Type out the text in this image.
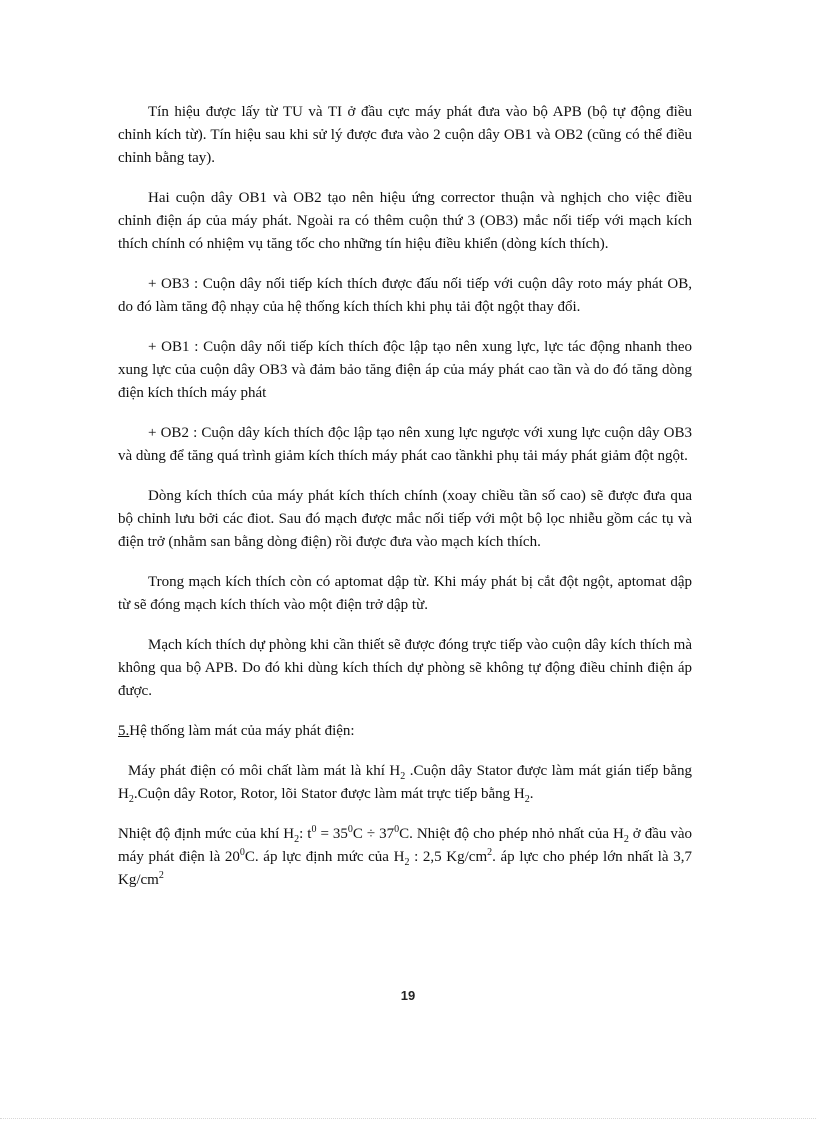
Tín hiệu được lấy từ TU và TI ở đầu cực máy phát đưa vào bộ APB (bộ tự động điều chỉnh kích từ). Tín hiệu sau khi sử lý được đưa vào 2 cuộn dây OB1 và OB2 (cũng có thể điều chỉnh bằng tay).

Hai cuộn dây OB1 và OB2 tạo nên hiệu ứng corrector thuận và nghịch cho việc điều chỉnh điện áp của máy phát. Ngoài ra có thêm cuộn thứ 3 (OB3) mắc nối tiếp với mạch kích thích chính có nhiệm vụ tăng tốc cho những tín hiệu điều khiển (dòng kích thích).

+ OB3 : Cuộn dây nối tiếp kích thích được đấu nối tiếp với cuộn dây roto máy phát OB, do đó làm tăng độ nhạy của hệ thống kích thích khi phụ tải đột ngột thay đổi.

+ OB1 : Cuộn dây nối tiếp kích thích độc lập tạo nên xung lực, lực tác động nhanh theo xung lực của cuộn dây OB3 và đảm bảo tăng điện áp của máy phát cao tần và do đó tăng dòng điện kích thích máy phát

+ OB2 : Cuộn dây kích thích độc lập tạo nên xung lực ngược với xung lực cuộn dây OB3 và dùng để tăng quá trình giảm kích thích máy phát cao tầnkhi phụ tải máy phát giảm đột ngột.

Dòng kích thích của máy phát kích thích chính (xoay chiều tần số cao) sẽ được đưa qua bộ chỉnh lưu bởi các điot. Sau đó mạch được mắc nối tiếp với một bộ lọc nhiễu gồm các tụ và điện trở (nhằm san bằng dòng điện) rồi được đưa vào mạch kích thích.

Trong mạch kích thích còn có aptomat dập từ. Khi máy phát bị cắt đột ngột, aptomat dập từ sẽ đóng mạch kích thích vào một điện trở dập từ.

Mạch kích thích dự phòng khi cần thiết sẽ được đóng trực tiếp vào cuộn dây kích thích mà không qua bộ APB. Do đó khi dùng kích thích dự phòng sẽ không tự động điều chỉnh điện áp được.

5.Hệ thống làm mát của máy phát điện:

Máy phát điện có môi chất làm mát là khí $H_2$ .Cuộn dây Stator được làm mát gián tiếp bằng $H_2.Cuộn$ dây Rotor, Rotor, lõi Stator được làm mát trực tiếp bằng $H_2$.

Nhiệt độ định mức của khí $H_2$: $t^0 = 35^0C \div 37^0C$. Nhiệt độ cho phép nhỏ nhất của $H_2$ ở đầu vào máy phát điện là $20^0C$. áp lực định mức của $H_2$ : 2,5 $Kg/cm^2$. áp lực cho phép lớn nhất là 3,7 $Kg/cm^2$

19
